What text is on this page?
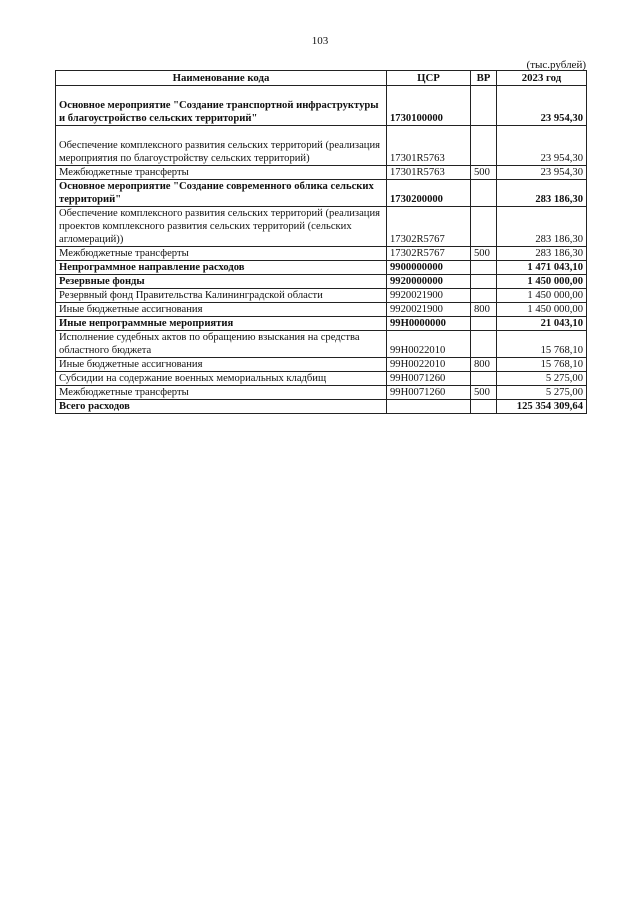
103
(тыс.рублей)
Наименование кода	ЦСР	ВР	2023 год
Основное мероприятие "Создание транспортной инфраструктуры и благоустройство сельских территорий"	1730100000		23 954,30
Обеспечение комплексного развития сельских территорий (реализация мероприятия по благоустройству сельских территорий)	17301R5763		23 954,30
Межбюджетные трансферты	17301R5763	500	23 954,30
Основное мероприятие "Создание современного облика сельских территорий"	1730200000		283 186,30
Обеспечение комплексного развития сельских территорий (реализация проектов комплексного развития сельских территорий (сельских агломераций))	17302R5767		283 186,30
Межбюджетные трансферты	17302R5767	500	283 186,30
Непрограммное направление расходов	9900000000		1 471 043,10
Резервные фонды	9920000000		1 450 000,00
Резервный фонд Правительства Калининградской области	9920021900		1 450 000,00
Иные бюджетные ассигнования	9920021900	800	1 450 000,00
Иные непрограммные мероприятия	99Н0000000		21 043,10
Исполнение судебных актов по обращению взыскания на средства областного бюджета	99Н0022010		15 768,10
Иные бюджетные ассигнования	99Н0022010	800	15 768,10
Субсидии на содержание военных мемориальных кладбищ	99Н0071260		5 275,00
Межбюджетные трансферты	99Н0071260	500	5 275,00
Всего расходов			125 354 309,64
